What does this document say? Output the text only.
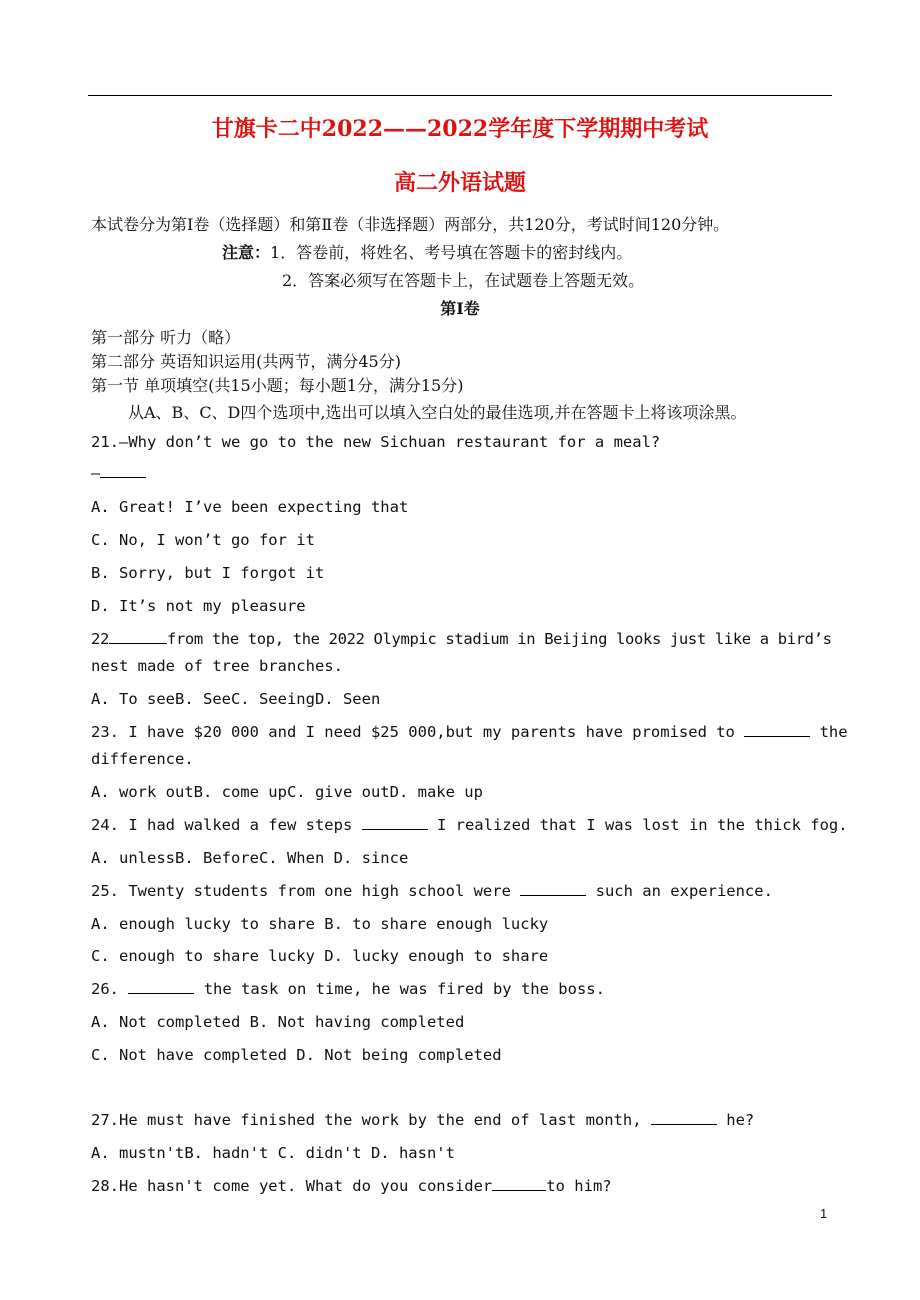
甘旗卡二中2022——2022学年度下学期期中考试
高二外语试题
本试卷分为第Ⅰ卷（选择题）和第Ⅱ卷（非选择题）两部分，共120分，考试时间120分钟。
注意：1．答卷前，将姓名、考号填在答题卡的密封线内。
2．答案必须写在答题卡上，在试题卷上答题无效。
第Ⅰ卷
第一部分 听力（略）
第二部分 英语知识运用(共两节，满分45分)
第一节 单项填空(共15小题；每小题1分，满分15分)
从A、B、C、D四个选项中,选出可以填入空白处的最佳选项,并在答题卡上将该项涂黑。
21.—Why don’t we go to the new Sichuan restaurant for a meal?
—
A. Great! I’ve been expecting that
C. No, I won’t go for it
B. Sorry, but I forgot it
D. It’s not my pleasure
22	from the top, the 2022 Olympic stadium in Beijing looks just like a bird’s
nest made of tree branches.
A. To seeB. SeeC. SeeingD. Seen
23. I have $20 000 and I need $25 000,but my parents have promised to	the
difference.
A. work outB. come upC. give outD. make up
24. I had walked a few steps	I realized that I was lost in the thick fog.
A. unlessB. BeforeC. When D. since
25. Twenty students from one high school were	such an experience.
A. enough lucky to share B. to share enough lucky
C. enough to share lucky D. lucky enough to share
26.	the task on time, he was fired by the boss.
A. Not completed B. Not having completed
C. Not have completed D. Not being completed
27.He must have finished the work by the end of last month,	he?
A. mustn'tB. hadn't C. didn't D. hasn't
28.He hasn't come yet. What do you consider	to him?
1
